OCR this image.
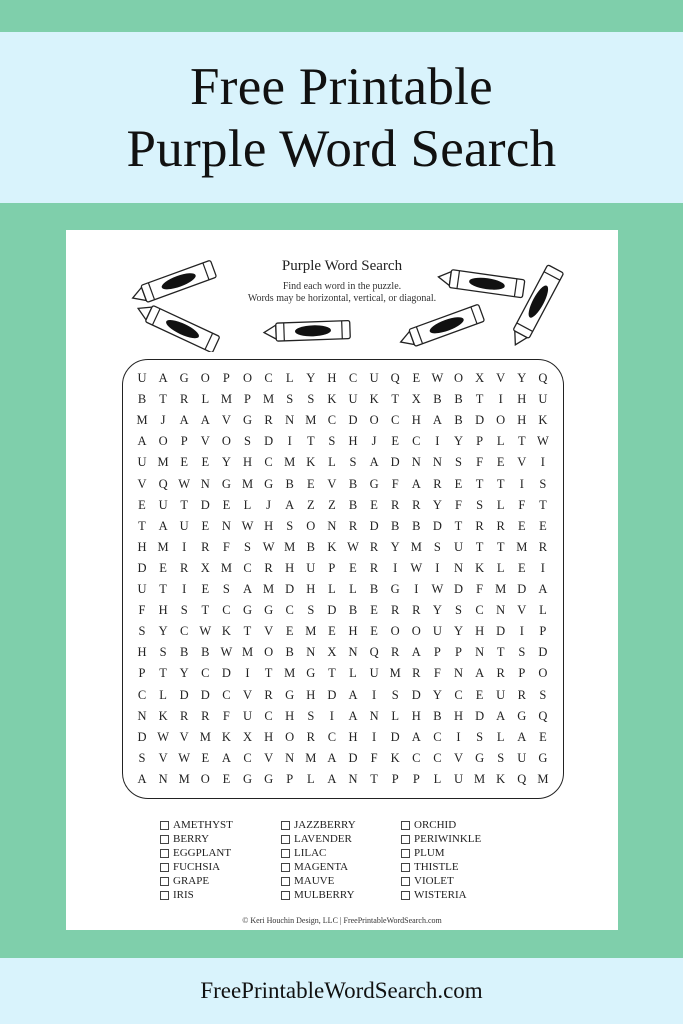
Free Printable
Purple Word Search
Purple Word Search
Find each word in the puzzle.
Words may be horizontal, vertical, or diagonal.
U A G O	P	O C	L	Y H C U Q	E W O X V Y Q
B	T	R	L M P M S	S	K U K	T	X B	B	T	I	H U
M	J	A A V G R N M C D O C H A B D O H K
A O	P	V O	S	D	I	T	S	H	J	E	C	I	Y	P	L	T W
U M E	E	Y H C M K	L	S	A D N N	S	F	E	V	I
V Q W N G M G B	E	V B G	F	A R	E	T	T	I	S
E	U	T	D	E	L	J	A	Z	Z	B	E	R	R Y	F	S	L	F	T
T	A U	E	N W H	S	O N R D B	B D	T	R	R	E	E
H M	I	R	F	S W M B K W R Y M S	U	T	T M R
D	E	R X M C	R H U	P	E	R	I	W	I	N K	L	E	I
U	T	I	E	S	A M D H	L	L	B G	I	W D	F M D A
F	H	S	T	C G G C	S	D B	E	R	R Y	S	C N V	L
S	Y C W K	T	V	E M E	H	E	O O U Y H D	I	P
H	S	B	B W M O B N X N Q R A	P	P	N	T	S	D
P	T	Y C D	I	T M G	T	L	U M R	F	N A R	P	O
C	L	D D C V R G H D A	I	S	D Y C	E	U R	S
N K R	R	F	U C H	S	I	A N	L	H B H D A G Q
D W V M K X H O R	C H	I	D A C	I	S	L	A	E
S	V W E	A C V N M A D	F	K C	C V G	S	U G
A N M O	E	G G	P	L	A N	T	P	P	L	U M K Q M
AMETHYST
BERRY
EGGPLANT
FUCHSIA
GRAPE
IRIS
JAZZBERRY
LAVENDER
LILAC
MAGENTA
MAUVE
MULBERRY
ORCHID
PERIWINKLE
PLUM
THISTLE
VIOLET
WISTERIA
© Keri Houchin Design, LLC | FreePrintableWordSearch.com
FreePrintableWordSearch.com
